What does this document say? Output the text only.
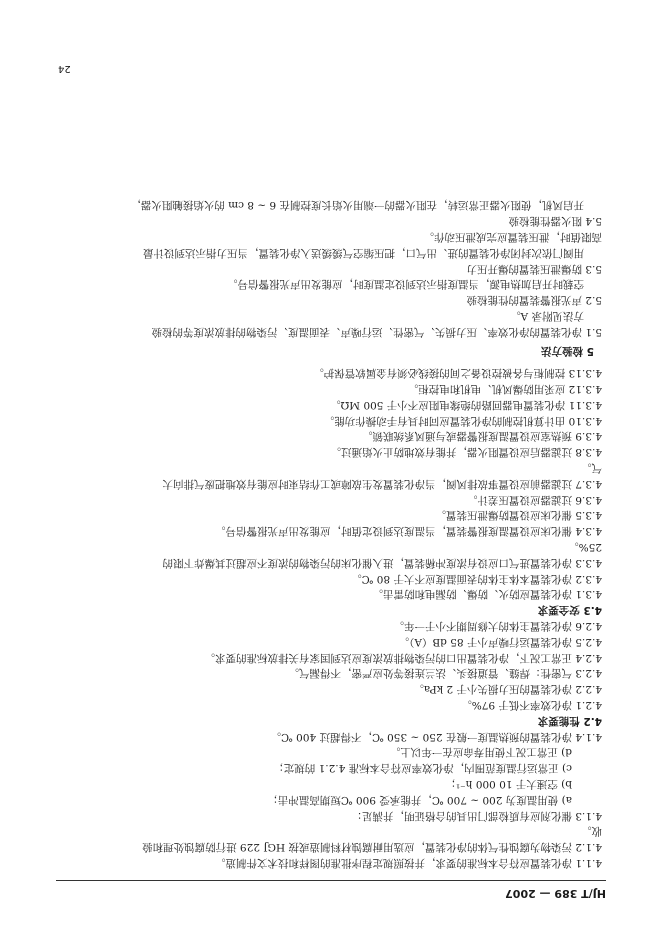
HJ/T 389 — 2007
4.1.1 净化装置应符合本标准的要求，并按照规定程序批准的图样和技术文件制造。
4.1.2 污染物为腐蚀性气体的净化装置，应选用耐腐蚀材料制造或按 HGJ 229 进行防腐蚀处理和验
收。
4.1.3 催化剂应有质检部门出具的合格证明，并满足：
a) 使用温度为 200 ~ 700 ℃，并能承受 900 ℃短期高温冲击；
b) 空速大于 10 000 h⁻¹；
c) 正常运行温度范围内，净化效率应符合本标准 4.2.1 的规定；
d) 正常工况下使用寿命应在一年以上。
4.1.4 净化装置的预热温度一般在 250 ~ 350 ℃，不得超过 400 ℃。
4.2 性能要求
4.2.1 净化效率不低于 97%。
4.2.2 净化装置的压力损失小于 2 kPa。
4.2.3 气密性：焊缝、管道接头、法兰连接等处应严密，不得漏气。
4.2.4 正常工况下，净化装置出口的污染物排放浓度应达到国家有关排放标准的要求。
4.2.5 净化装置运行噪声小于 85 dB（A）。
4.2.6 净化装置主体的大修周期不小于一年。
4.3 安全要求
4.3.1 净化装置应防火、防爆、防漏电和防雷击。
4.3.2 净化装置本体主体的表面温度应不大于 80 ℃。
4.3.3 净化装置进气口应设有浓度冲稀装置，进入催化床的污染物的浓度不应超过其爆炸下限的
25%。
4.3.4 催化床应设置温度报警装置，当温度达到设定值时，应能发出声光报警信号。
4.3.5 催化床应设置防爆泄压装置。
4.3.6 过滤器应设置压差计。
4.3.7 过滤器前应设置事故排风阀，当净化装置发生故障或工作结束时应能有效地把废气排向大
气。
4.3.8 过滤器后应设置阻火器，并能有效地防止火焰通过。
4.3.9 预热室应设置温度报警器或与通风系统联锁。
4.3.10 由计算机控制的净化装置应同时具有手动操作功能。
4.3.11 净化装置电器回路的绝缘电阻应不小于 500 MΩ。
4.3.12 应采用防爆风机、电机和电控柜。
4.3.13 控制柜与各被控设备之间的接线必须有金属软管保护。
5 检验方法
5.1 净化装置的净化效率、压力损失、气密性、运行噪声、表面温度、污染物的排放浓度等的检验
方法见附录 A。
5.2 声光报警装置的性能检验
空载时开启加热电源，当温度指示达到设定温度时，应能发出声光报警信号。
5.3 防爆泄压装置的爆开压力
用阀门依次封闭净化装置的进、出气口，把压缩空气缓缓送入净化装置，当压力指示达到设计最
高限值时，泄压装置应完成泄压动作。
5.4 阻火器性能检验
开启风机，使阻火器正常运转，在阻火器的一端用火焰长度控制在 6 ~ 8 cm 的火焰接触阻火器，
24
